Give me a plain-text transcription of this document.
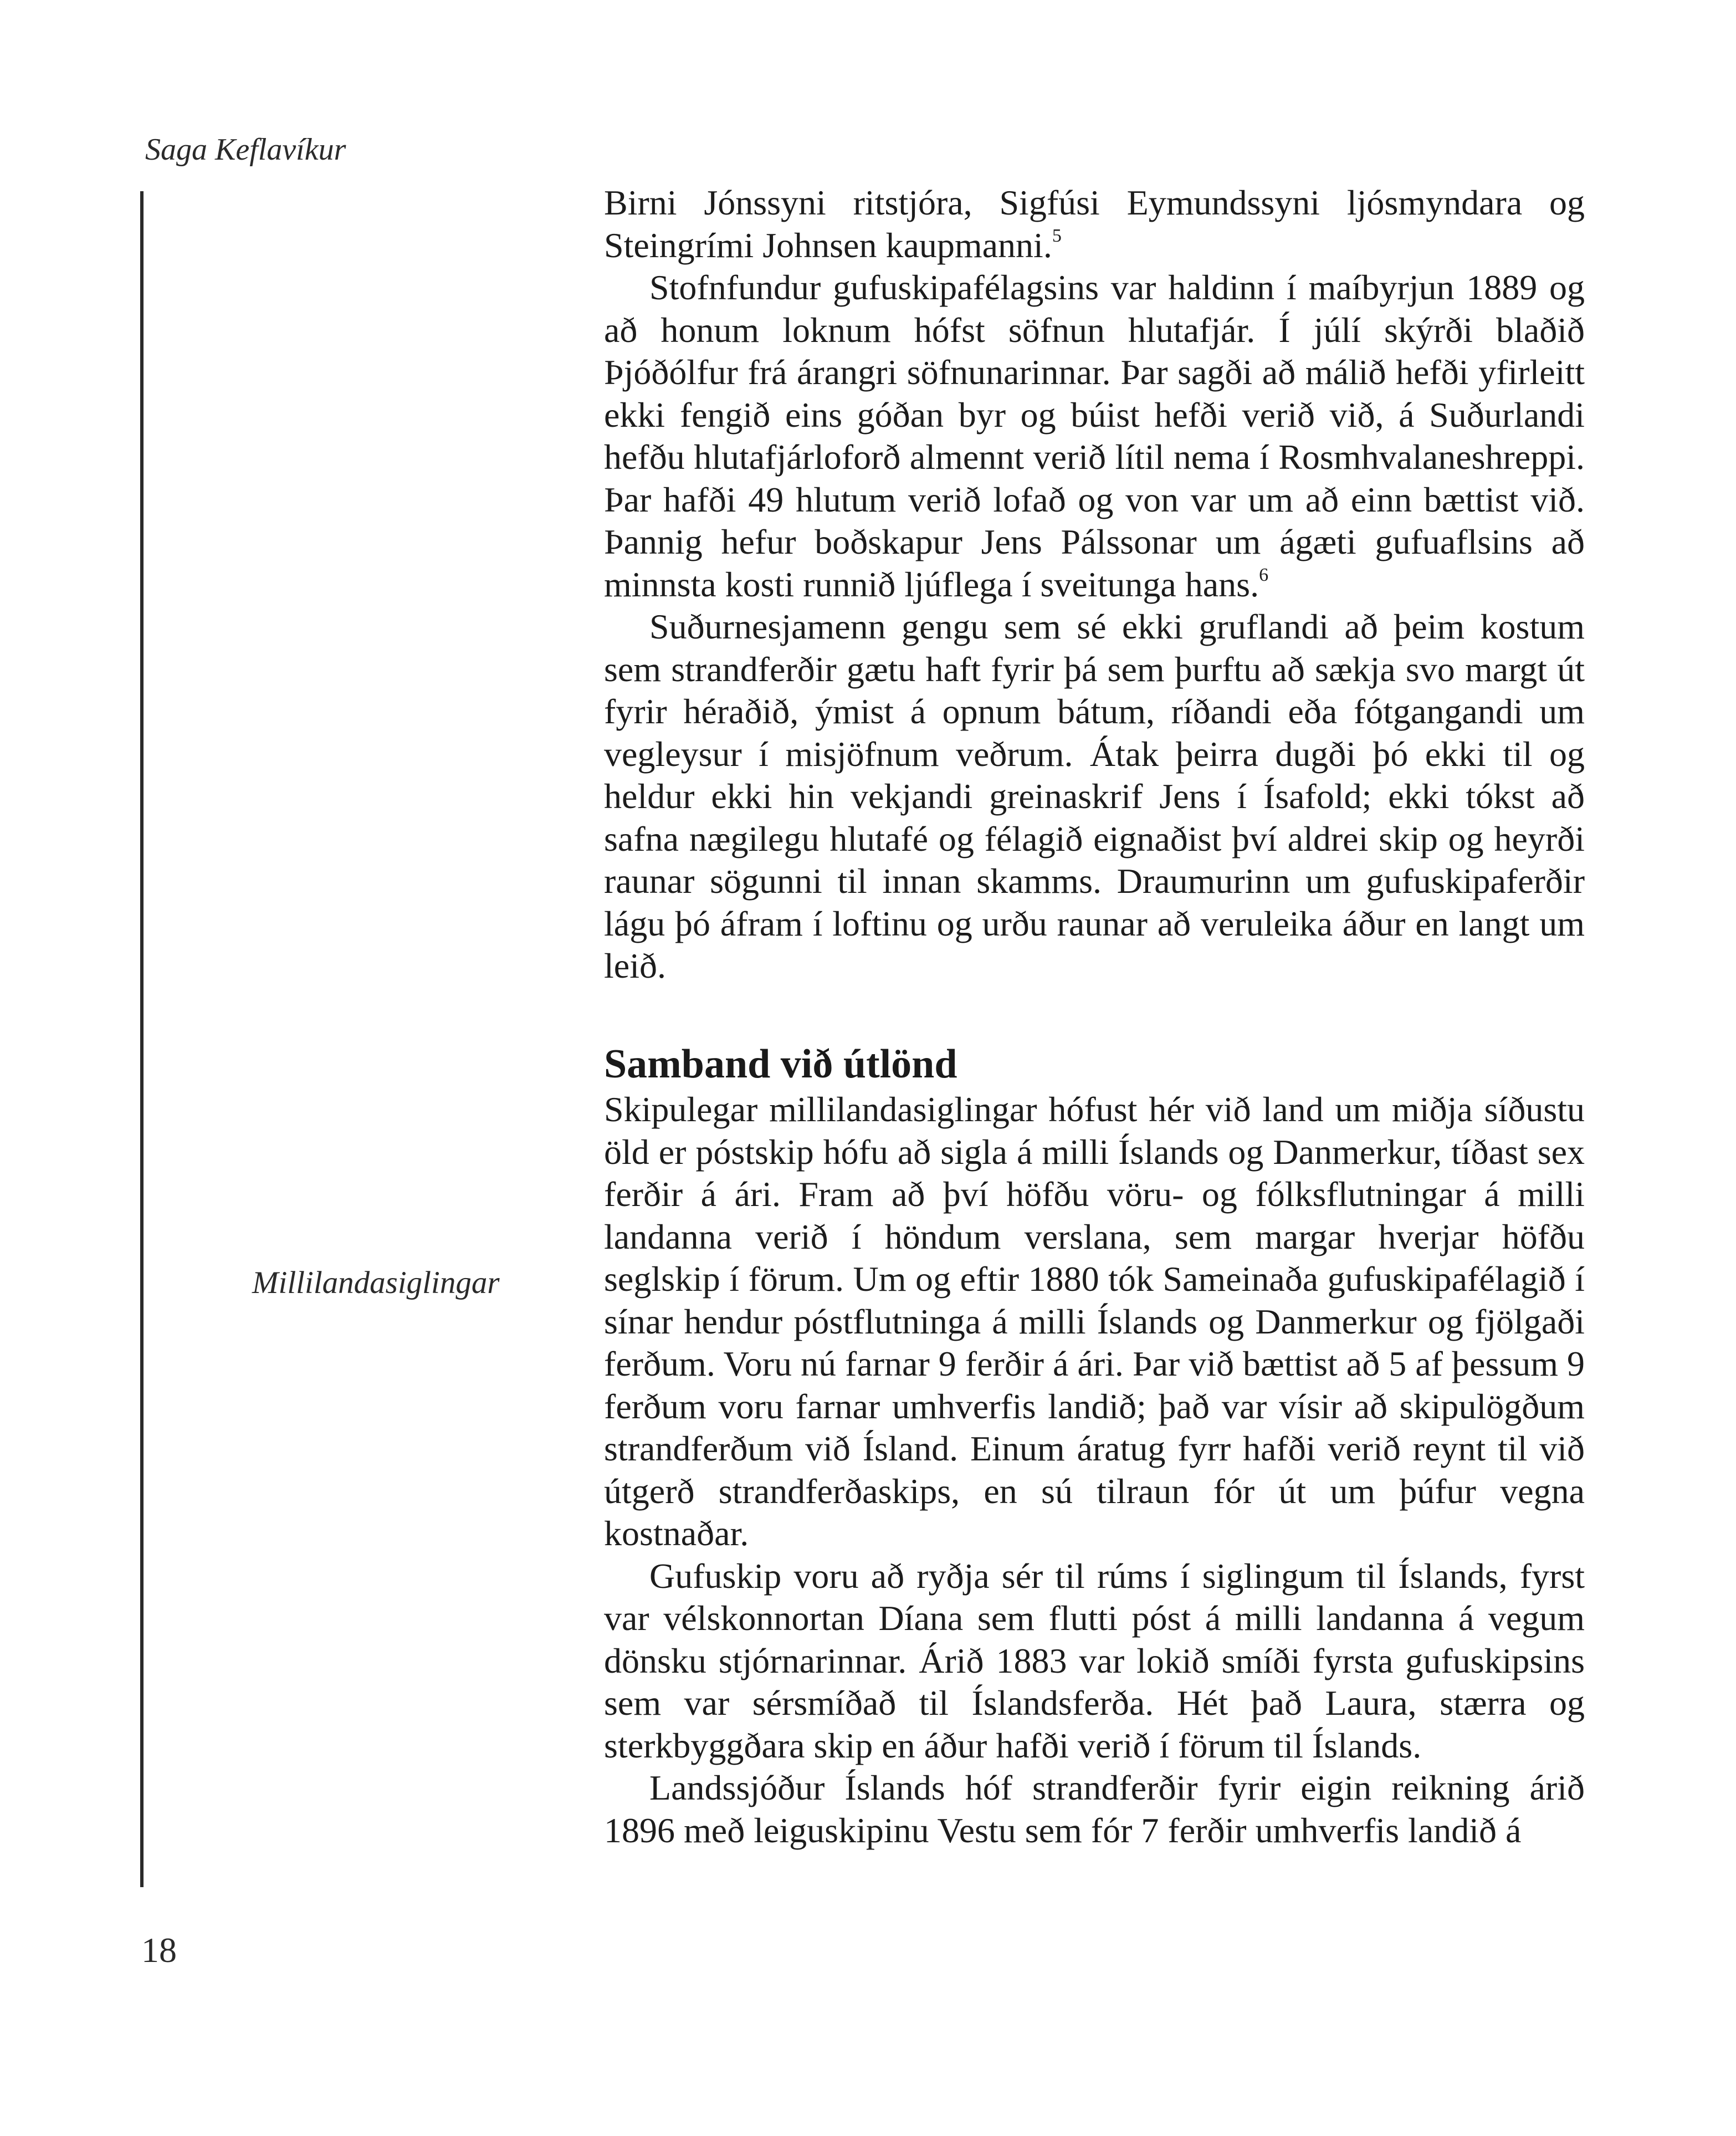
Saga Keflavíkur
Millilandasiglingar

Birni Jónssyni ritstjóra, Sigfúsi Eymundssyni ljósmyndara og Steingrími Johnsen kaupmanni.$^5$

Stofnfundur gufuskipafélagsins var haldinn í maíbyrjun 1889 og að honum loknum hófst söfnun hlutafjár. Í júlí skýrði blaðið Þjóðólfur frá árangri söfnunarinnar. Þar sagði að málið hefði yfirleitt ekki fengið eins góðan byr og búist hefði verið við, á Suðurlandi hefðu hlutafjárloforð almennt verið lítil nema í Rosmhvalaneshreppi. Þar hafði 49 hlutum verið lofað og von var um að einn bættist við. Þannig hefur boðskapur Jens Pálssonar um ágæti gufuaflsins að minnsta kosti runnið ljúflega í sveitunga hans.$^6$

Suðurnesjamenn gengu sem sé ekki gruflandi að þeim kostum sem strandferðir gætu haft fyrir þá sem þurftu að sækja svo margt út fyrir héraðið, ýmist á opnum bátum, ríðandi eða fótgangandi um vegleysur í misjöfnum veðrum. Átak þeirra dugði þó ekki til og heldur ekki hin vekjandi greinaskrif Jens í Ísafold; ekki tókst að safna nægilegu hlutafé og félagið eignaðist því aldrei skip og heyrði raunar sögunni til innan skamms. Draumurinn um gufuskipaferðir lágu þó áfram í loftinu og urðu raunar að veruleika áður en langt um leið.

Samband við útlönd

Skipulegar millilandasiglingar hófust hér við land um miðja síðustu öld er póstskip hófu að sigla á milli Íslands og Danmerkur, tíðast sex ferðir á ári. Fram að því höfðu vöru- og fólksflutningar á milli landanna verið í höndum verslana, sem margar hverjar höfðu seglskip í förum. Um og eftir 1880 tók Sameinaða gufuskipafélagið í sínar hendur póstflutninga á milli Íslands og Danmerkur og fjölgaði ferðum. Voru nú farnar 9 ferðir á ári. Þar við bættist að 5 af þessum 9 ferðum voru farnar umhverfis landið; það var vísir að skipulögðum strandferðum við Ísland. Einum áratug fyrr hafði verið reynt til við útgerð strandferðaskips, en sú tilraun fór út um þúfur vegna kostnaðar.

Gufuskip voru að ryðja sér til rúms í siglingum til Íslands, fyrst var vélskonnortan Díana sem flutti póst á milli landanna á vegum dönsku stjórnarinnar. Árið 1883 var lokið smíði fyrsta gufuskipsins sem var sérsmíðað til Íslandsferða. Hét það Laura, stærra og sterkbyggðara skip en áður hafði verið í förum til Íslands.

Landssjóður Íslands hóf strandferðir fyrir eigin reikning árið 1896 með leiguskipinu Vestu sem fór 7 ferðir umhverfis landið á

18
